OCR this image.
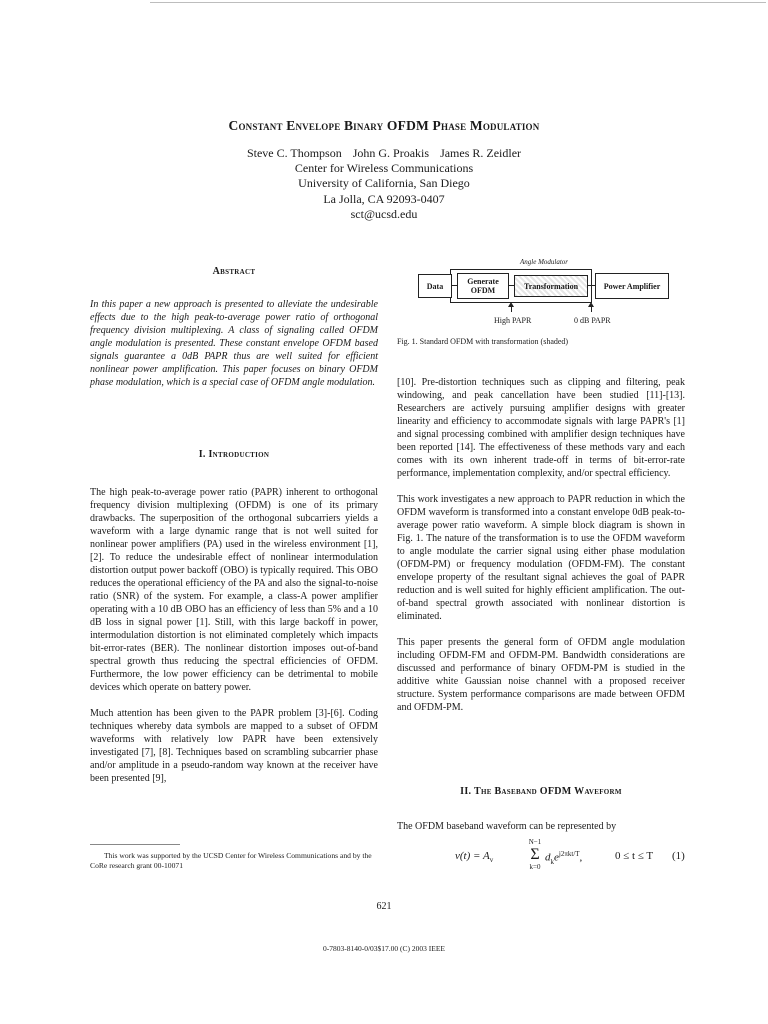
Constant Envelope Binary OFDM Phase Modulation
Steve C. Thompson John G. Proakis James R. Zeidler
Center for Wireless Communications
University of California, San Diego
La Jolla, CA 92093-0407
sct@ucsd.edu
Abstract
In this paper a new approach is presented to alleviate the undesirable effects due to the high peak-to-average power ratio of orthogonal frequency division multiplexing. A class of signaling called OFDM angle modulation is presented. These constant envelope OFDM based signals guarantee a 0dB PAPR thus are well suited for efficient nonlinear power amplification. This paper focuses on binary OFDM phase modulation, which is a special case of OFDM angle modulation.
I. Introduction

The high peak-to-average power ratio (PAPR) inherent to orthogonal frequency division multiplexing (OFDM) is one of its primary drawbacks. The superposition of the orthogonal subcarriers yields a waveform with a large dynamic range that is not well suited for nonlinear power amplifiers (PA) used in the wireless environment [1], [2]. To reduce the undesirable effect of nonlinear intermodulation distortion output power backoff (OBO) is typically required. This OBO reduces the operational efficiency of the PA and also the signal-to-noise ratio (SNR) of the system. For example, a class-A power amplifier operating with a 10 dB OBO has an efficiency of less than 5% and a 10 dB loss in signal power [1]. Still, with this large backoff in power, intermodulation distortion is not eliminated completely which impacts bit-error-rates (BER). The nonlinear distortion imposes out-of-band spectral growth thus reducing the spectral efficiencies of OFDM. Furthermore, the low power efficiency can be detrimental to mobile devices which operate on battery power.

Much attention has been given to the PAPR problem [3]-[6]. Coding techniques whereby data symbols are mapped to a subset of OFDM waveforms with relatively low PAPR have been extensively investigated [7], [8]. Techniques based on scrambling subcarrier phase and/or amplitude in a pseudo-random way known at the receiver have been presented [9],

This work was supported by the UCSD Center for Wireless Communications and by the CoRe research grant 00-10071
Angle Modulator
Data	Generate OFDM	Transformation	Power Amplifier
High PAPR	0 dB PAPR
Fig. 1. Standard OFDM with transformation (shaded)

[10]. Pre-distortion techniques such as clipping and filtering, peak windowing, and peak cancellation have been studied [11]-[13]. Researchers are actively pursuing amplifier designs with greater linearity and efficiency to accommodate signals with large PAPR's [1] and signal processing combined with amplifier design techniques have been reported [14]. The effectiveness of these methods vary and each comes with its own inherent trade-off in terms of bit-error-rate performance, implementation complexity, and/or spectral efficiency.

This work investigates a new approach to PAPR reduction in which the OFDM waveform is transformed into a constant envelope 0dB peak-to-average power ratio waveform. A simple block diagram is shown in Fig. 1. The nature of the transformation is to use the OFDM waveform to angle modulate the carrier signal using either phase modulation (OFDM-PM) or frequency modulation (OFDM-FM). The constant envelope property of the resultant signal achieves the goal of PAPR reduction and is well suited for highly efficient amplification. The out-of-band spectral growth associated with nonlinear distortion is eliminated.

This paper presents the general form of OFDM angle modulation including OFDM-FM and OFDM-PM. Bandwidth considerations are discussed and performance of binary OFDM-PM is studied in the additive white Gaussian noise channel with a proposed receiver structure. System performance comparisons are made between OFDM and OFDM-PM.

II. The Baseband OFDM Waveform
The OFDM baseband waveform can be represented by
$v(t) = A_v$
N−1
Σ
k=0
$d_ke^{j2\pi kt/T}$,	0 ≤ t ≤ T (1)
621
0-7803-8140-0/03$17.00 (C) 2003 IEEE
